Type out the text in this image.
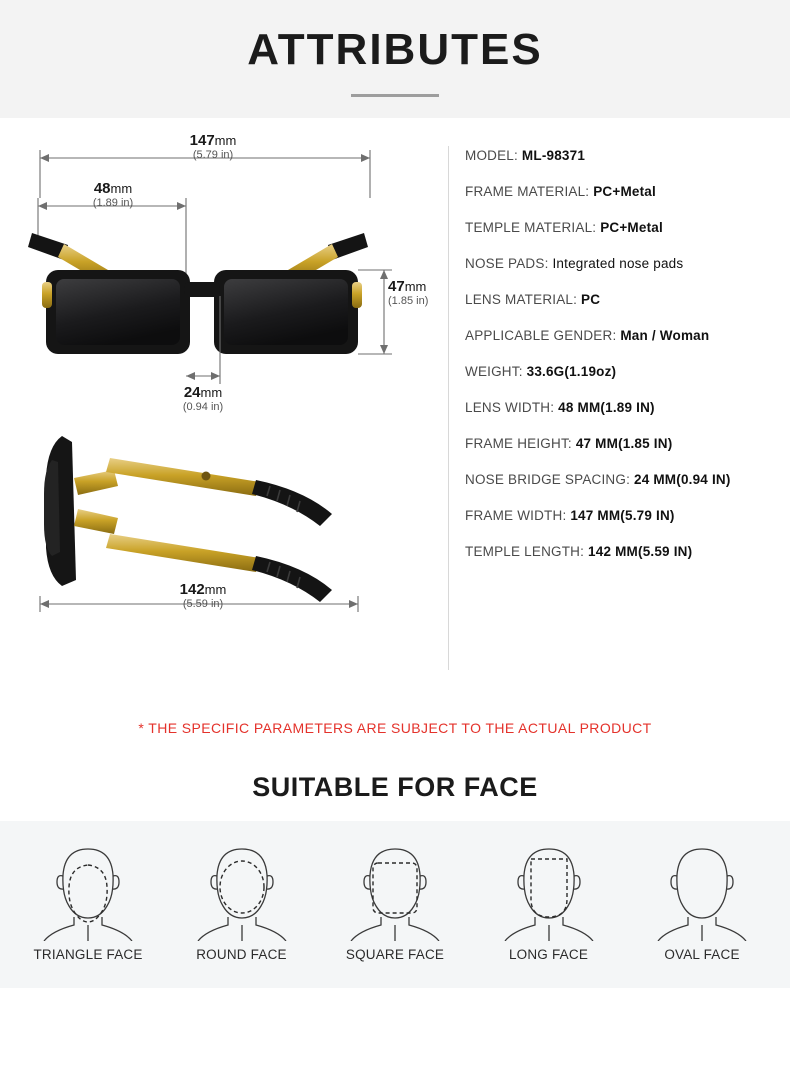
ATTRIBUTES
147mm
(5.79 in)
48mm
(1.89 in)
47mm
(1.85 in)
24mm
(0.94 in)
142mm
(5.59 in)
MODEL: ML-98371
FRAME MATERIAL: PC+Metal
TEMPLE MATERIAL: PC+Metal
NOSE PADS: Integrated nose pads
LENS MATERIAL: PC
APPLICABLE GENDER: Man / Woman
WEIGHT: 33.6G(1.19oz)
LENS WIDTH: 48 MM(1.89 IN)
FRAME HEIGHT: 47 MM(1.85 IN)
NOSE BRIDGE SPACING: 24 MM(0.94 IN)
FRAME WIDTH: 147 MM(5.79 IN)
TEMPLE LENGTH: 142 MM(5.59 IN)
* THE SPECIFIC PARAMETERS ARE SUBJECT TO THE ACTUAL PRODUCT
SUITABLE FOR FACE
TRIANGLE FACE	ROUND FACE	SQUARE FACE	LONG FACE	OVAL FACE
